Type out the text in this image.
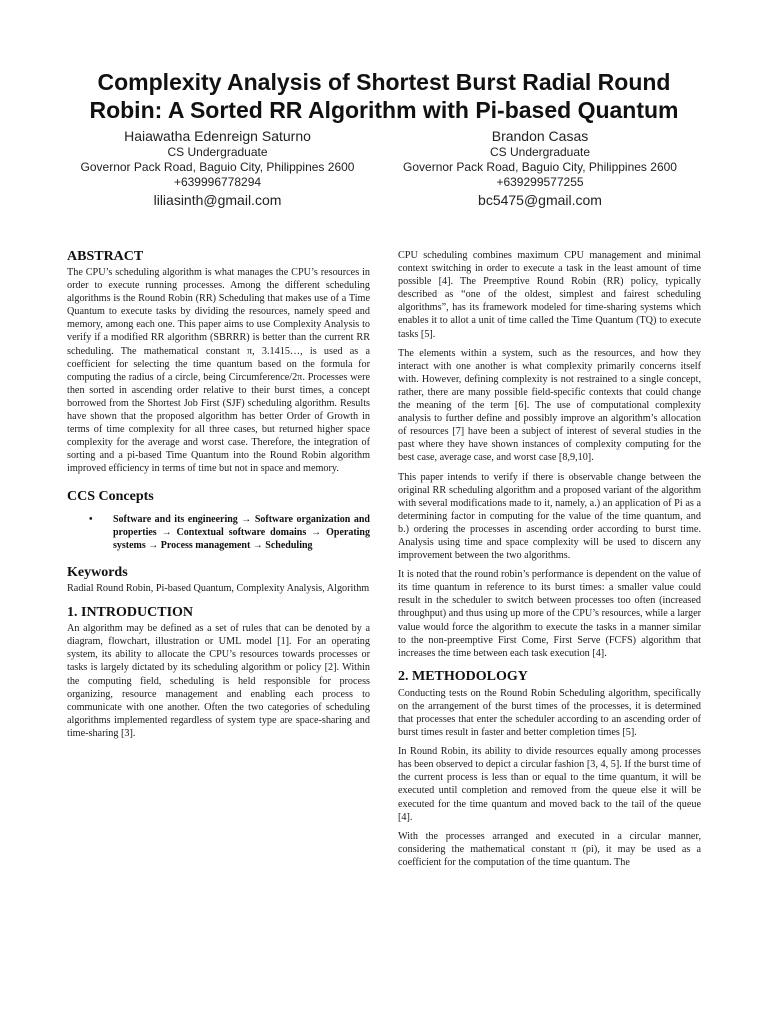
Complexity Analysis of Shortest Burst Radial Round
Robin: A Sorted RR Algorithm with Pi-based Quantum
Haiawatha Edenreign Saturno
CS Undergraduate
Governor Pack Road, Baguio City, Philippines 2600
+639996778294
liliasinth@gmail.com
Brandon Casas
CS Undergraduate
Governor Pack Road, Baguio City, Philippines 2600
+639299577255
bc5475@gmail.com
ABSTRACT

The CPU’s scheduling algorithm is what manages the CPU’s resources in order to execute running processes. Among the different scheduling algorithms is the Round Robin (RR) Scheduling that makes use of a Time Quantum to execute tasks by dividing the resources, namely speed and memory, among each one. This paper aims to use Complexity Analysis to verify if a modified RR algorithm (SBRRR) is better than the current RR scheduling. The mathematical constant π, 3.1415…, is used as a coefficient for selecting the time quantum based on the formula for computing the radius of a circle, being Circumference/2π. Processes were then sorted in ascending order relative to their burst times, a concept borrowed from the Shortest Job First (SJF) scheduling algorithm. Results have shown that the proposed algorithm has better Order of Growth in terms of time complexity for all three cases, but returned higher space complexity for the average and worst case. Therefore, the integration of sorting and a pi-based Time Quantum into the Round Robin algorithm improved efficiency in terms of time but not in space and memory.

CCS Concepts
•	Software and its engineering → Software organization and properties → Contextual software domains → Operating systems → Process management → Scheduling
Keywords

Radial Round Robin, Pi-based Quantum, Complexity Analysis, Algorithm

1. INTRODUCTION

An algorithm may be defined as a set of rules that can be denoted by a diagram, flowchart, illustration or UML model [1]. For an operating system, its ability to allocate the CPU’s resources towards processes or tasks is largely dictated by its scheduling algorithm or policy [2]. Within the computing field, scheduling is held responsible for process organizing, resource management and enabling each process to communicate with one another. Often the two categories of scheduling algorithms implemented regardless of system type are space-sharing and time-sharing [3].

CPU scheduling combines maximum CPU management and minimal context switching in order to execute a task in the least amount of time possible [4]. The Preemptive Round Robin (RR) policy, typically described as “one of the oldest, simplest and fairest scheduling algorithms”, has its framework modeled for time-sharing systems which enables it to allot a unit of time called the Time Quantum (TQ) to execute tasks [5].

The elements within a system, such as the resources, and how they interact with one another is what complexity primarily concerns itself with. However, defining complexity is not restrained to a single concept, rather, there are many possible field-specific contexts that could change the meaning of the term [6]. The use of computational complexity analysis to further define and possibly improve an algorithm’s allocation of resources [7] have been a subject of interest of several studies in the past where they have shown instances of complexity computing for the best case, average case, and worst case [8,9,10].

This paper intends to verify if there is observable change between the original RR scheduling algorithm and a proposed variant of the algorithm with several modifications made to it, namely, a.) an application of Pi as a determining factor in computing for the value of the time quantum, and b.) ordering the processes in ascending order according to burst time. Analysis using time and space complexity will be used to discern any improvement between the two algorithms.

It is noted that the round robin’s performance is dependent on the value of its time quantum in reference to its burst times: a smaller value could result in the scheduler to switch between processes too often (increased throughput) and thus using up more of the CPU’s resources, while a larger value would force the algorithm to execute the tasks in a manner similar to the non-preemptive First Come, First Serve (FCFS) algorithm that increases the time between each task execution [4].

2. METHODOLOGY

Conducting tests on the Round Robin Scheduling algorithm, specifically on the arrangement of the burst times of the processes, it is determined that processes that enter the scheduler according to an ascending order of burst times result in faster and better completion times [5].

In Round Robin, its ability to divide resources equally among processes has been observed to depict a circular fashion [3, 4, 5]. If the burst time of the current process is less than or equal to the time quantum, it will be executed until completion and removed from the queue else it will be executed for the time quantum and moved back to the tail of the queue [4].

With the processes arranged and executed in a circular manner, considering the mathematical constant π (pi), it may be used as a coefficient for the computation of the time quantum. The
